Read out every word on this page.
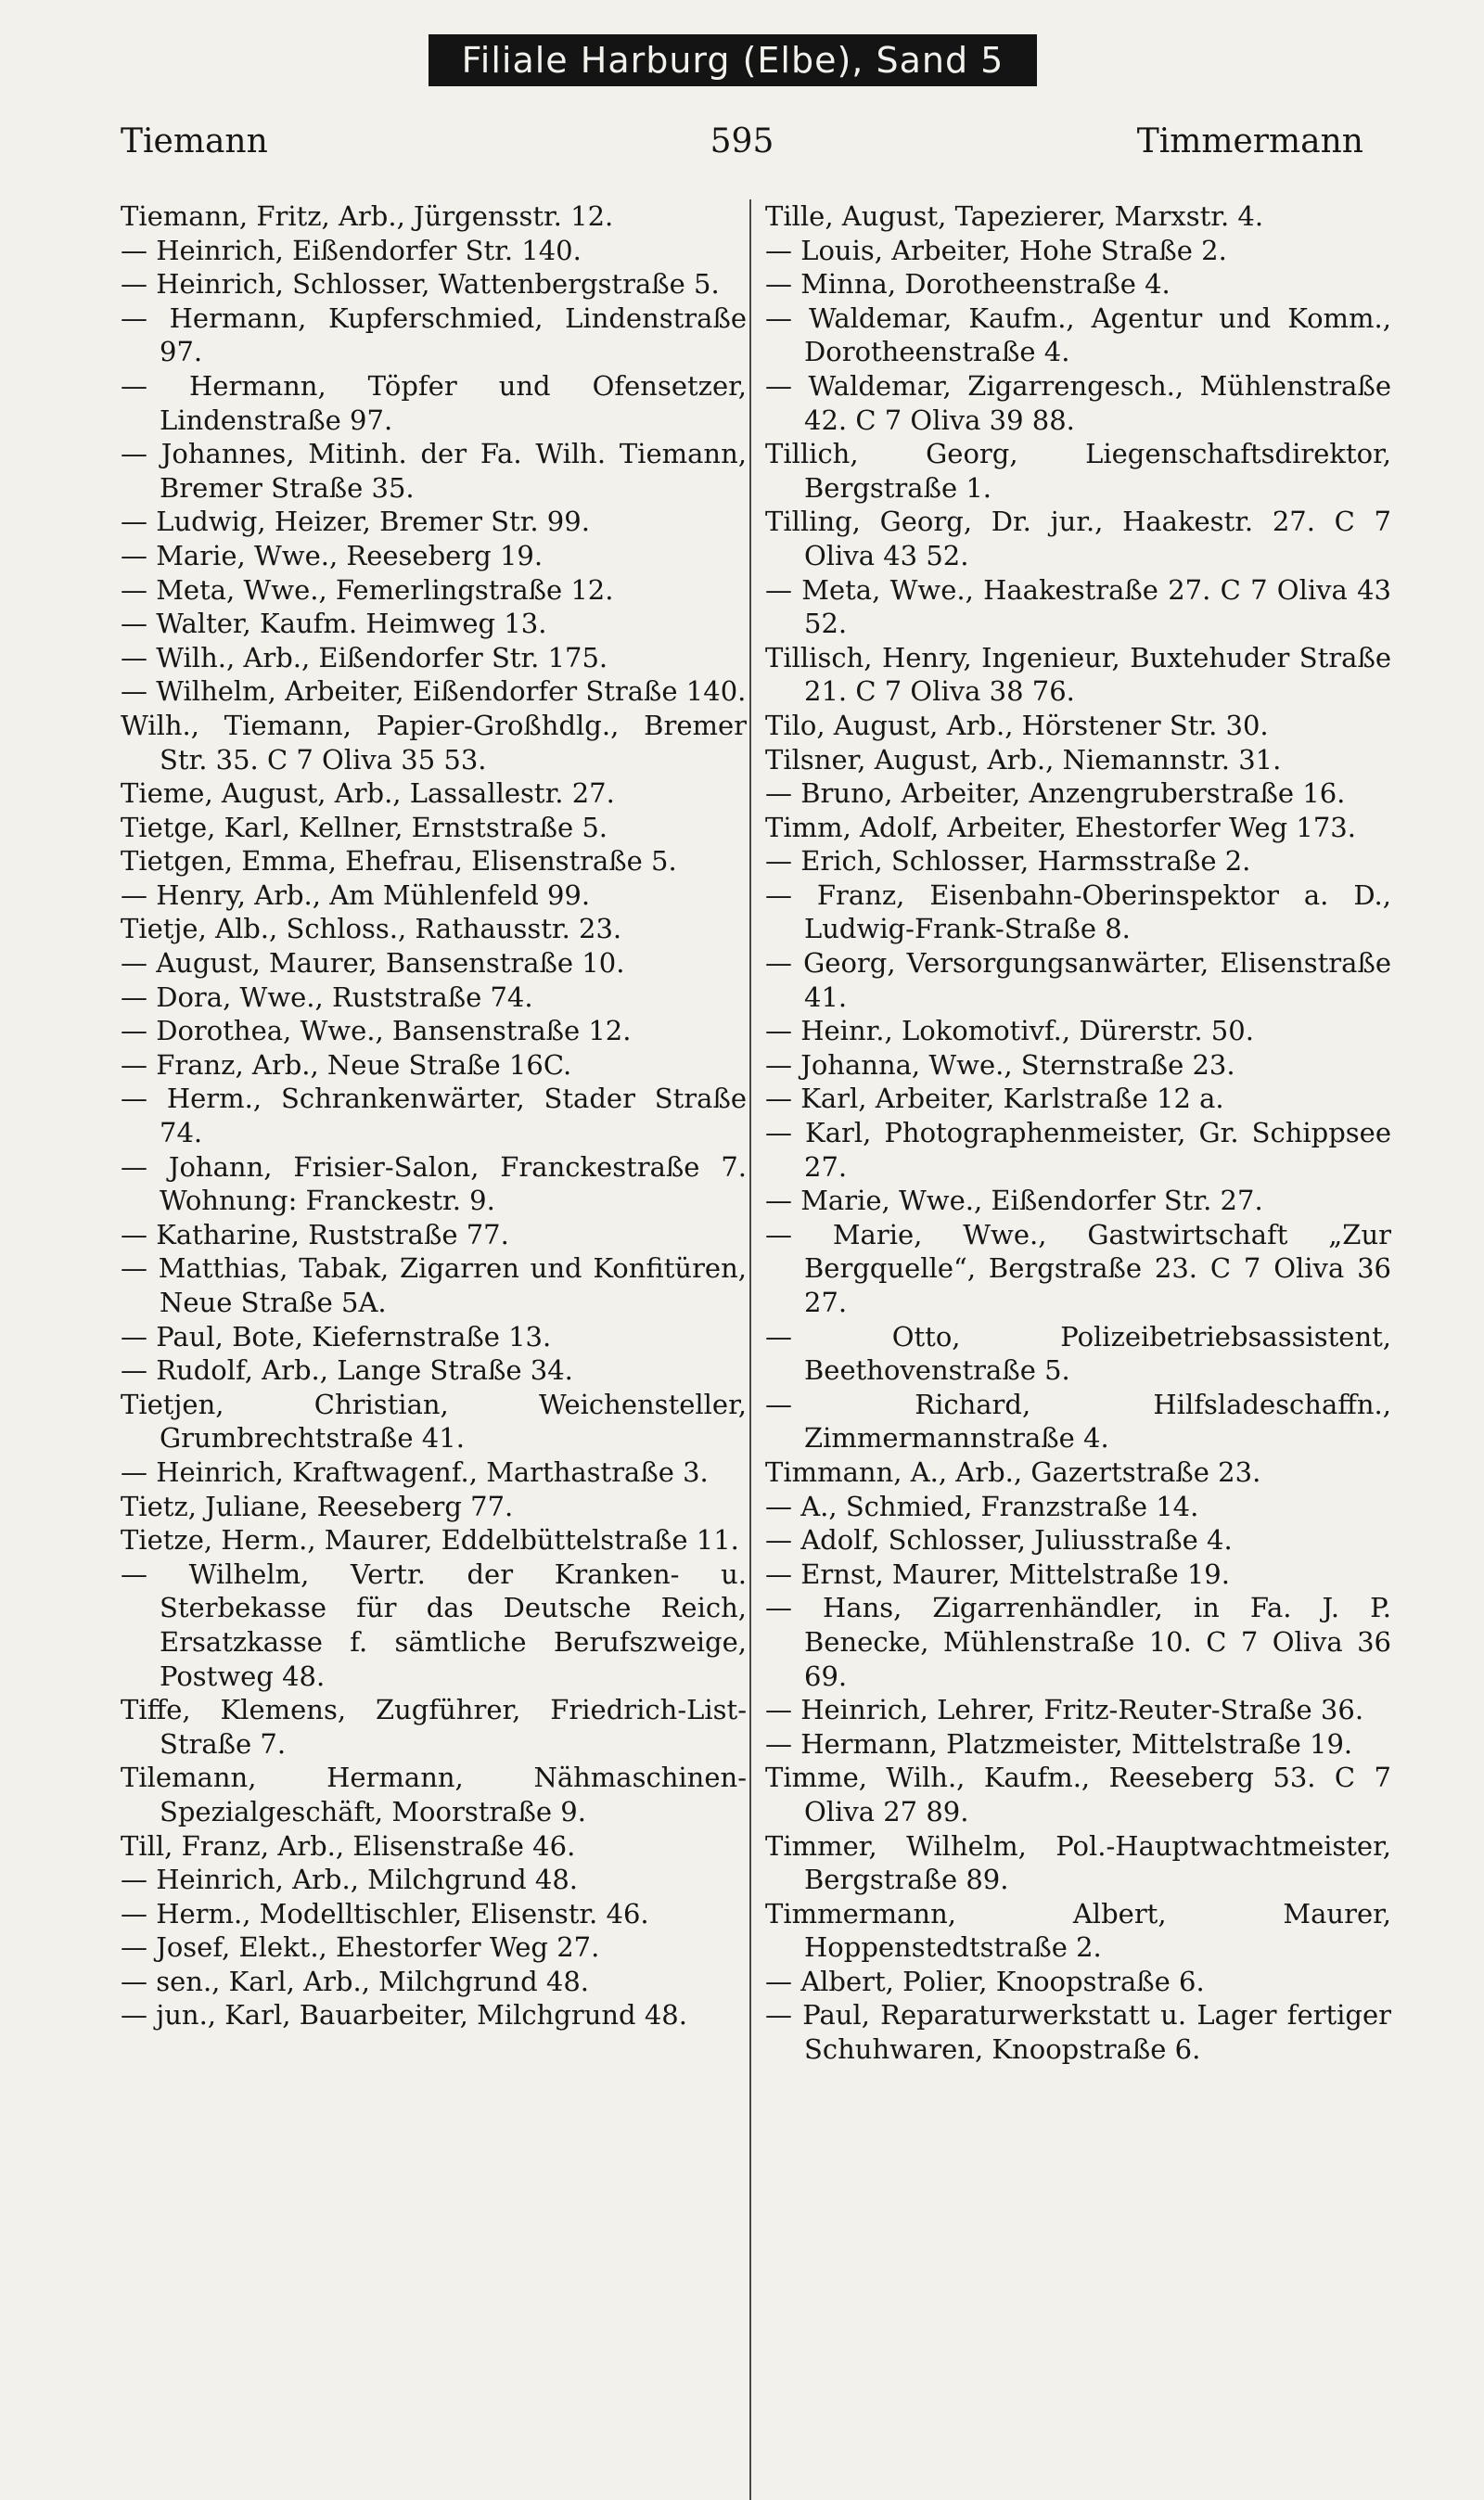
Filiale Harburg (Elbe), Sand 5
Tiemann	595	Timmermann
Tiemann, Fritz, Arb., Jürgensstr. 12.
— Heinrich, Eißendorfer Str. 140.
— Heinrich, Schlosser, Wattenbergstraße 5.
— Hermann, Kupferschmied, Lindenstraße 97.
— Hermann, Töpfer und Ofensetzer, Lindenstraße 97.
— Johannes, Mitinh. der Fa. Wilh. Tiemann, Bremer Straße 35.
— Ludwig, Heizer, Bremer Str. 99.
— Marie, Wwe., Reeseberg 19.
— Meta, Wwe., Femerlingstraße 12.
— Walter, Kaufm. Heimweg 13.
— Wilh., Arb., Eißendorfer Str. 175.
— Wilhelm, Arbeiter, Eißendorfer Straße 140.
Wilh., Tiemann, Papier-Großhdlg., Bremer Str. 35. C 7 Oliva 35 53.
Tieme, August, Arb., Lassallestr. 27.
Tietge, Karl, Kellner, Ernststraße 5.
Tietgen, Emma, Ehefrau, Elisenstraße 5.
— Henry, Arb., Am Mühlenfeld 99.
Tietje, Alb., Schloss., Rathausstr. 23.
— August, Maurer, Bansenstraße 10.
— Dora, Wwe., Ruststraße 74.
— Dorothea, Wwe., Bansenstraße 12.
— Franz, Arb., Neue Straße 16C.
— Herm., Schrankenwärter, Stader Straße 74.
— Johann, Frisier-Salon, Franckestraße 7. Wohnung: Franckestr. 9.
— Katharine, Ruststraße 77.
— Matthias, Tabak, Zigarren und Konfitüren, Neue Straße 5A.
— Paul, Bote, Kiefernstraße 13.
— Rudolf, Arb., Lange Straße 34.
Tietjen, Christian, Weichensteller, Grumbrechtstraße 41.
— Heinrich, Kraftwagenf., Marthastraße 3.
Tietz, Juliane, Reeseberg 77.
Tietze, Herm., Maurer, Eddelbüttelstraße 11.
— Wilhelm, Vertr. der Kranken- u. Sterbekasse für das Deutsche Reich, Ersatzkasse f. sämtliche Berufszweige, Postweg 48.
Tiffe, Klemens, Zugführer, Friedrich-List-Straße 7.
Tilemann, Hermann, Nähmaschinen-Spezialgeschäft, Moorstraße 9.
Till, Franz, Arb., Elisenstraße 46.
— Heinrich, Arb., Milchgrund 48.
— Herm., Modelltischler, Elisenstr. 46.
— Josef, Elekt., Ehestorfer Weg 27.
— sen., Karl, Arb., Milchgrund 48.
— jun., Karl, Bauarbeiter, Milchgrund 48.
Tille, August, Tapezierer, Marxstr. 4.
— Louis, Arbeiter, Hohe Straße 2.
— Minna, Dorotheenstraße 4.
— Waldemar, Kaufm., Agentur und Komm., Dorotheenstraße 4.
— Waldemar, Zigarrengesch., Mühlenstraße 42. C 7 Oliva 39 88.
Tillich, Georg, Liegenschaftsdirektor, Bergstraße 1.
Tilling, Georg, Dr. jur., Haakestr. 27. C 7 Oliva 43 52.
— Meta, Wwe., Haakestraße 27. C 7 Oliva 43 52.
Tillisch, Henry, Ingenieur, Buxtehuder Straße 21. C 7 Oliva 38 76.
Tilo, August, Arb., Hörstener Str. 30.
Tilsner, August, Arb., Niemannstr. 31.
— Bruno, Arbeiter, Anzengruberstraße 16.
Timm, Adolf, Arbeiter, Ehestorfer Weg 173.
— Erich, Schlosser, Harmsstraße 2.
— Franz, Eisenbahn-Oberinspektor a. D., Ludwig-Frank-Straße 8.
— Georg, Versorgungsanwärter, Elisenstraße 41.
— Heinr., Lokomotivf., Dürerstr. 50.
— Johanna, Wwe., Sternstraße 23.
— Karl, Arbeiter, Karlstraße 12 a.
— Karl, Photographenmeister, Gr. Schippsee 27.
— Marie, Wwe., Eißendorfer Str. 27.
— Marie, Wwe., Gastwirtschaft „Zur Bergquelle“, Bergstraße 23. C 7 Oliva 36 27.
— Otto, Polizeibetriebsassistent, Beethovenstraße 5.
— Richard, Hilfsladeschaffn., Zimmermannstraße 4.
Timmann, A., Arb., Gazertstraße 23.
— A., Schmied, Franzstraße 14.
— Adolf, Schlosser, Juliusstraße 4.
— Ernst, Maurer, Mittelstraße 19.
— Hans, Zigarrenhändler, in Fa. J. P. Benecke, Mühlenstraße 10. C 7 Oliva 36 69.
— Heinrich, Lehrer, Fritz-Reuter-Straße 36.
— Hermann, Platzmeister, Mittelstraße 19.
Timme, Wilh., Kaufm., Reeseberg 53. C 7 Oliva 27 89.
Timmer, Wilhelm, Pol.-Hauptwachtmeister, Bergstraße 89.
Timmermann, Albert, Maurer, Hoppenstedtstraße 2.
— Albert, Polier, Knoopstraße 6.
— Paul, Reparaturwerkstatt u. Lager fertiger Schuhwaren, Knoopstraße 6.
